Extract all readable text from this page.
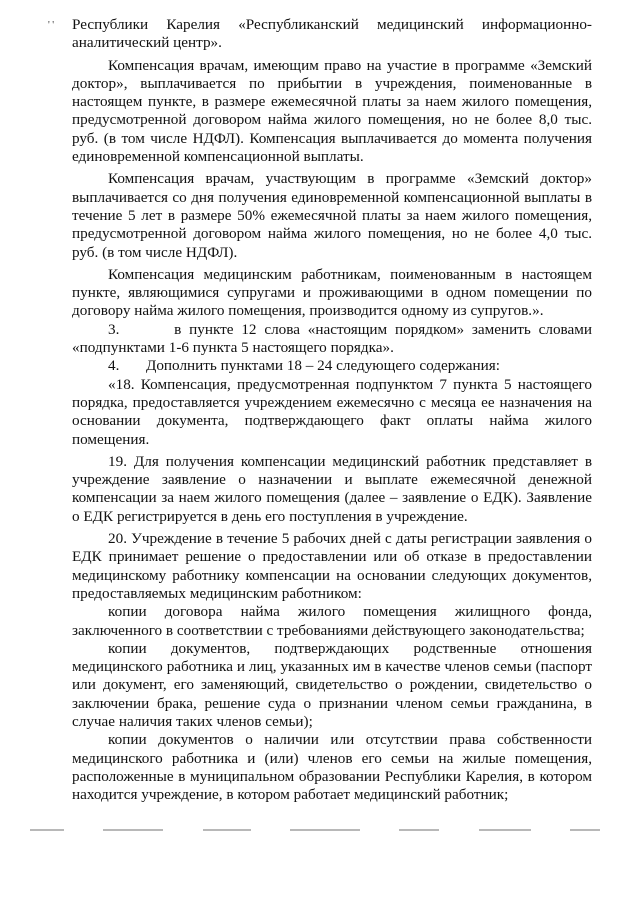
' ' Республики Карелия «Республиканский медицинский информационно-аналитический центр».

Компенсация врачам, имеющим право на участие в программе «Земский доктор», выплачивается по прибытии в учреждения, поименованные в настоящем пункте, в размере ежемесячной платы за наем жилого помещения, предусмотренной договором найма жилого помещения, но не более 8,0 тыс. руб. (в том числе НДФЛ). Компенсация выплачивается до момента получения единовременной компенсационной выплаты.

Компенсация врачам, участвующим в программе «Земский доктор» выплачивается со дня получения единовременной компенсационной выплаты в течение 5 лет в размере 50% ежемесячной платы за наем жилого помещения, предусмотренной договором найма жилого помещения, но не более 4,0 тыс. руб. (в том числе НДФЛ).

Компенсация медицинским работникам, поименованным в настоящем пункте, являющимися супругами и проживающими в одном помещении по договору найма жилого помещения, производится одному из супругов.».

3.       в пункте 12 слова «настоящим порядком» заменить словами «подпунктами 1-6 пункта 5 настоящего порядка».

4.       Дополнить пунктами 18 – 24 следующего содержания:

«18. Компенсация, предусмотренная подпунктом 7 пункта 5 настоящего порядка, предоставляется учреждением ежемесячно с месяца ее назначения на основании документа, подтверждающего факт оплаты найма жилого помещения.

19. Для получения компенсации медицинский работник представляет в учреждение заявление о назначении и выплате ежемесячной денежной компенсации за наем жилого помещения (далее – заявление о ЕДК). Заявление о ЕДК регистрируется в день его поступления в учреждение.

20. Учреждение в течение 5 рабочих дней с даты регистрации заявления о ЕДК принимает решение о предоставлении или об отказе в предоставлении медицинскому работнику компенсации на основании следующих документов, предоставляемых медицинским работником:

копии договора найма жилого помещения жилищного фонда, заключенного в соответствии с требованиями действующего законодательства;

копии документов, подтверждающих родственные отношения медицинского работника и лиц, указанных им в качестве членов семьи (паспорт или документ, его заменяющий, свидетельство о рождении, свидетельство о заключении брака, решение суда о признании членом семьи гражданина, в случае наличия таких членов семьи);

копии документов о наличии или отсутствии права собственности медицинского работника и (или) членов его семьи на жилые помещения, расположенные в муниципальном образовании Республики Карелия, в котором находится учреждение, в котором работает медицинский работник;
